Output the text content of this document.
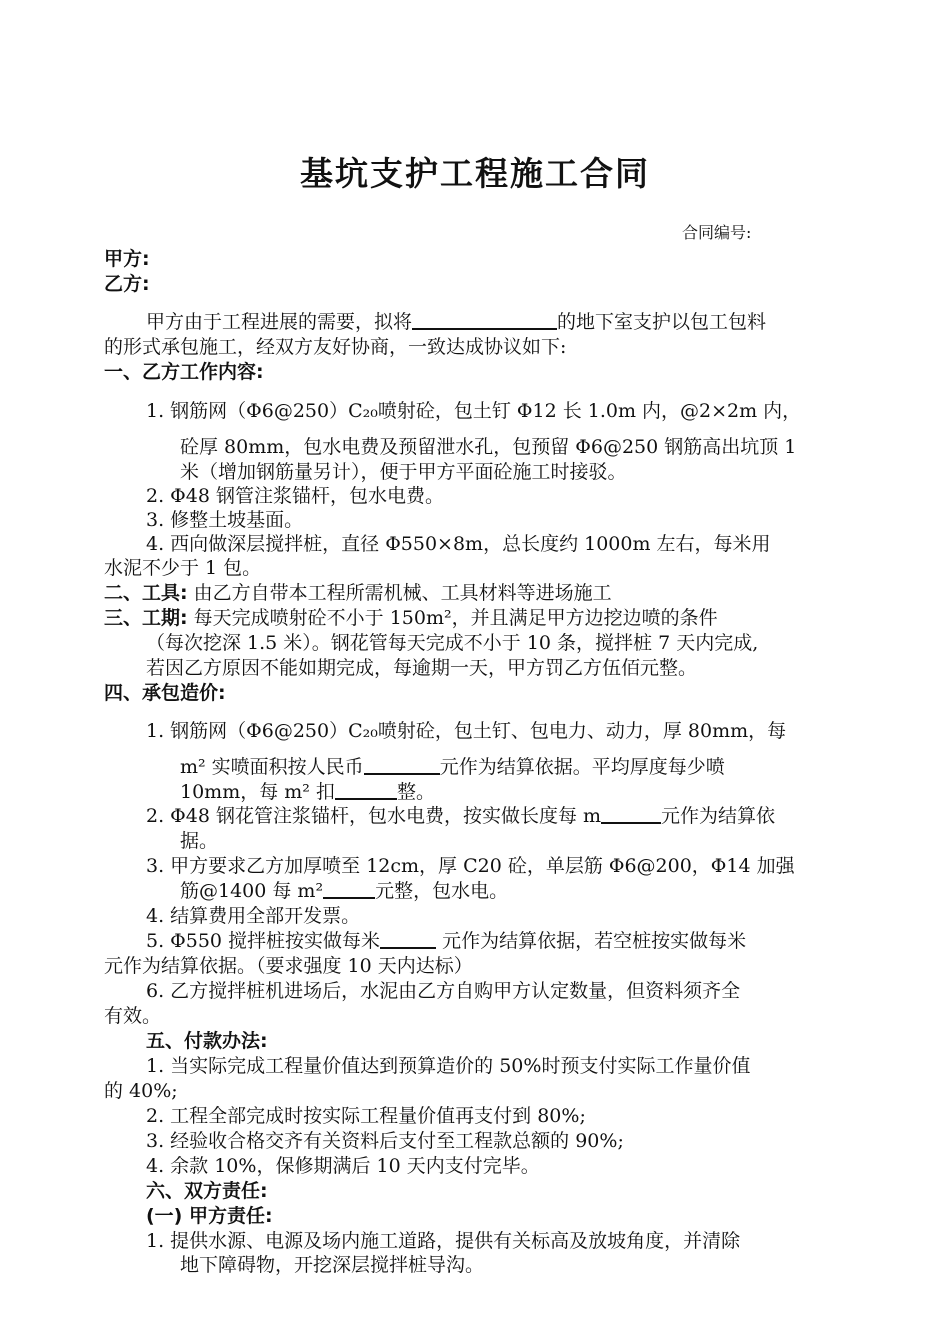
基坑支护工程施工合同
合同编号:
甲方:
乙方:
甲方由于工程进展的需要，拟将	的地下室支护以包工包料
的形式承包施工，经双方友好协商，一致达成协议如下:
一、乙方工作内容:
1. 钢筋网（Φ6@250）C₂₀喷射砼，包土钉 Φ12 长 1.0m 内，@2×2m 内，
砼厚 80mm，包水电费及预留泄水孔，包预留 Φ6@250 钢筋高出坑顶 1
米（增加钢筋量另计），便于甲方平面砼施工时接驳。
2. Φ48 钢管注浆锚杆，包水电费。
3. 修整土坡基面。
4. 西向做深层搅拌桩，直径 Φ550×8m，总长度约 1000m 左右，每米用
水泥不少于 1 包。
二、工具: 由乙方自带本工程所需机械、工具材料等进场施工
三、工期: 每天完成喷射砼不小于 150m²，并且满足甲方边挖边喷的条件
（每次挖深 1.5 米）。钢花管每天完成不小于 10 条，搅拌桩 7 天内完成,
若因乙方原因不能如期完成，每逾期一天，甲方罚乙方伍佰元整。
四、承包造价:
1. 钢筋网（Φ6@250）C₂₀喷射砼，包土钉、包电力、动力，厚 80mm，每
m² 实喷面积按人民币	元作为结算依据。平均厚度每少喷
10mm，每 m² 扣	整。
2. Φ48 钢花管注浆锚杆，包水电费，按实做长度每 m	元作为结算依
据。
3. 甲方要求乙方加厚喷至 12cm，厚 C20 砼，单层筋 Φ6@200，Φ14 加强
筋@1400 每 m²	元整，包水电。
4. 结算费用全部开发票。
5. Φ550 搅拌桩按实做每米	元作为结算依据，若空桩按实做每米
元作为结算依据。（要求强度 10 天内达标）
6. 乙方搅拌桩机进场后，水泥由乙方自购甲方认定数量，但资料须齐全
有效。
五、付款办法:
1. 当实际完成工程量价值达到预算造价的 50%时预支付实际工作量价值
的 40%;
2. 工程全部完成时按实际工程量价值再支付到 80%;
3. 经验收合格交齐有关资料后支付至工程款总额的 90%;
4. 余款 10%，保修期满后 10 天内支付完毕。
六、双方责任:
(一) 甲方责任:
1. 提供水源、电源及场内施工道路，提供有关标高及放坡角度，并清除
地下障碍物，开挖深层搅拌桩导沟。
